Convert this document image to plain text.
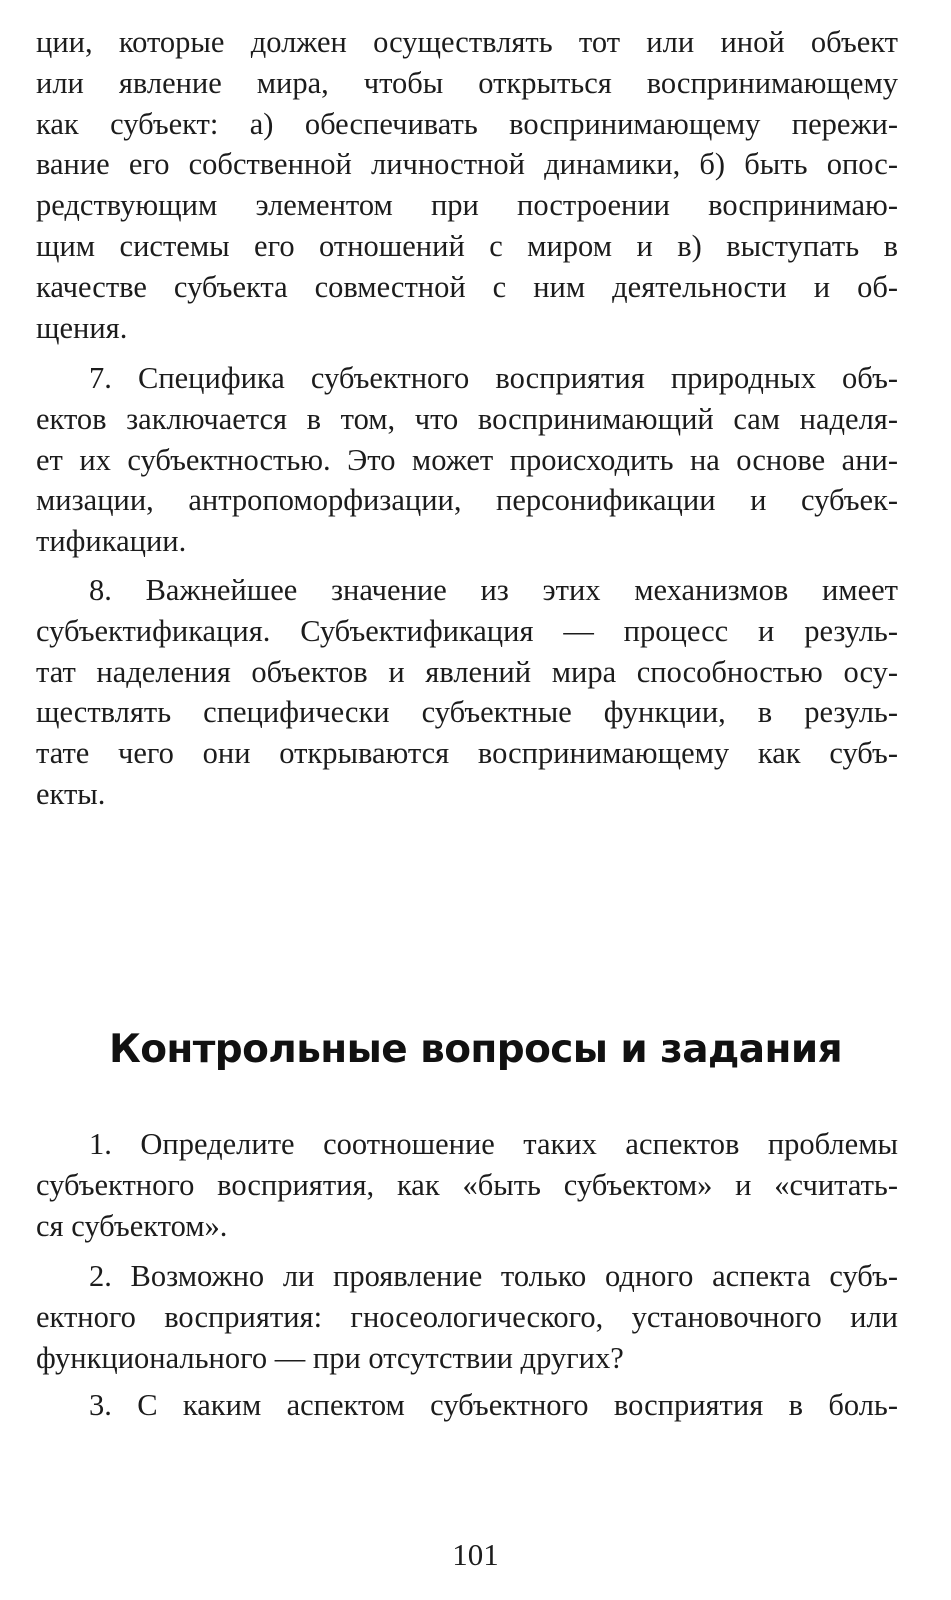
ции, которые должен осуществлять тот или иной объект
или явление мира, чтобы открыться воспринимающему
как субъект: а) обеспечивать воспринимающему пережи-
вание его собственной личностной динамики, б) быть опос-
редствующим элементом при построении воспринимаю-
щим системы его отношений с миром и в) выступать в
качестве субъекта совместной с ним деятельности и об-
щения.
7. Специфика субъектного восприятия природных объ-
ектов заключается в том, что воспринимающий сам наделя-
ет их субъектностью. Это может происходить на основе ани-
мизации, антропоморфизации, персонификации и субъек-
тификации.
8. Важнейшее значение из этих механизмов имеет
субъектификация. Субъектификация — процесс и резуль-
тат наделения объектов и явлений мира способностью осу-
ществлять специфически субъектные функции, в резуль-
тате чего они открываются воспринимающему как субъ-
екты.
Контрольные вопросы и задания
1. Определите соотношение таких аспектов проблемы
субъектного восприятия, как «быть субъектом» и «считать-
ся субъектом».
2. Возможно ли проявление только одного аспекта субъ-
ектного восприятия: гносеологического, установочного или
функционального — при отсутствии других?
3. С каким аспектом субъектного восприятия в боль-
101
